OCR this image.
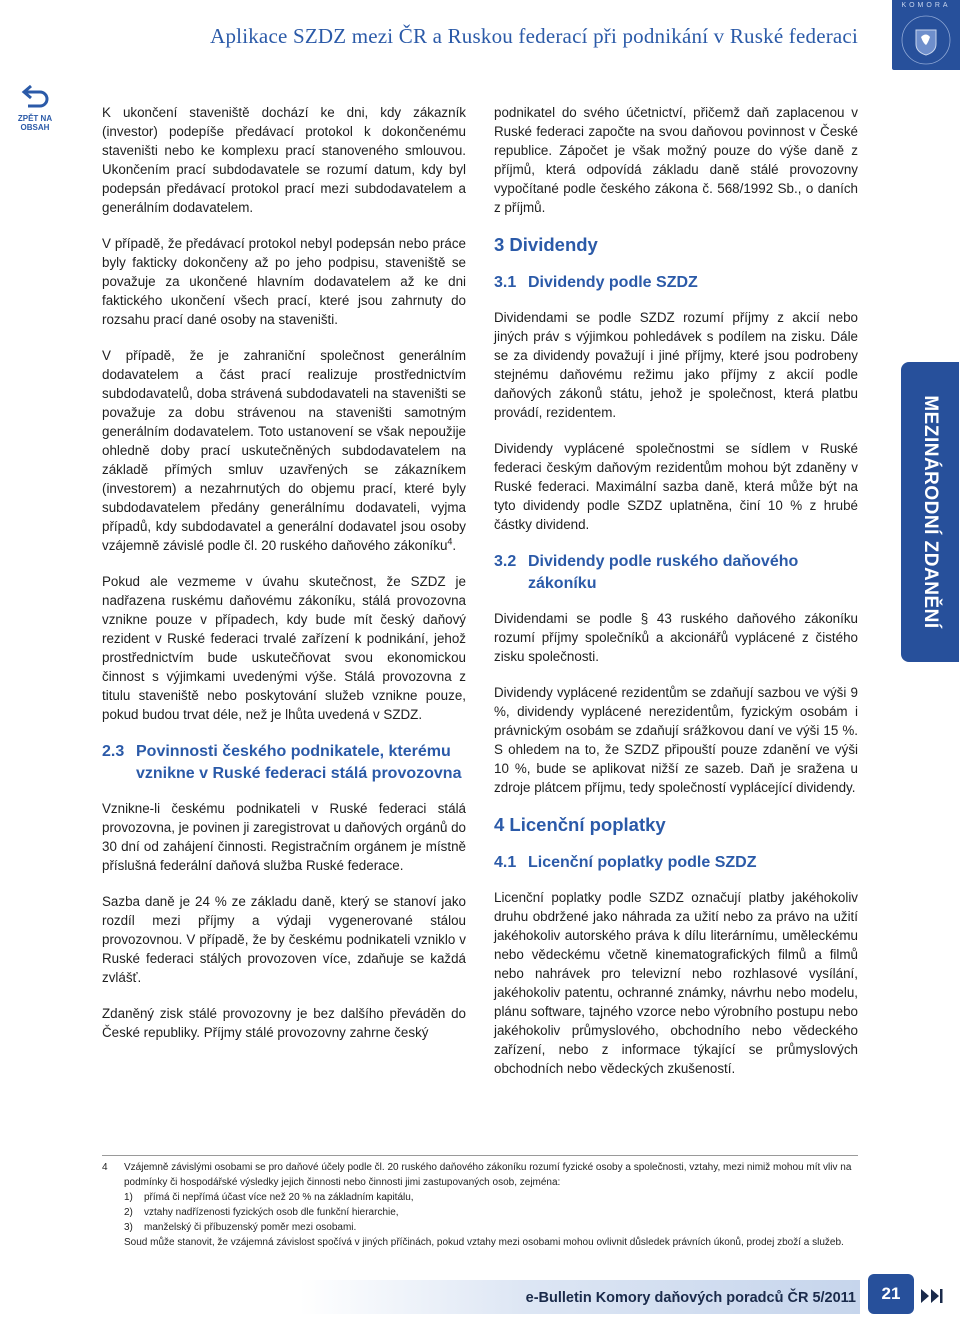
Aplikace SZDZ mezi ČR a Ruskou federací při podnikání v Ruské federaci
KOMORA
ZPĚT NA
OBSAH

K ukončení staveniště dochází ke dni, kdy zákazník (investor) podepíše předávací protokol k dokončenému staveništi nebo ke komplexu prací stanoveného smlouvou. Ukončením prací subdodavatele se rozumí datum, kdy byl podepsán předávací protokol prací mezi subdodavatelem a generálním dodavatelem.

V případě, že předávací protokol nebyl podepsán nebo práce byly fakticky dokončeny až po jeho podpisu, staveniště se považuje za ukončené hlavním dodavatelem až ke dni faktického ukončení všech prací, které jsou zahrnuty do rozsahu prací dané osoby na staveništi.

V případě, že je zahraniční společnost generálním dodavatelem a část prací realizuje prostřednictvím subdodavatelů, doba strávená subdodavateli na staveništi se považuje za dobu strávenou na staveništi samotným generálním dodavatelem. Toto ustanovení se však nepoužije ohledně doby prací uskutečněných subdodavatelem na základě přímých smluv uzavřených se zákazníkem (investorem) a nezahrnutých do objemu prací, které byly subdodavatelem předány generálnímu dodavateli, vyjma případů, kdy subdodavatel a generální dodavatel jsou osoby vzájemně závislé podle čl. 20 ruského daňového zákoníku$^4$.

Pokud ale vezmeme v úvahu skutečnost, že SZDZ je nadřazena ruskému daňovému zákoníku, stálá provozovna vznikne pouze v případech, kdy bude mít český daňový rezident v Ruské federaci trvalé zařízení k podnikání, jehož prostřednictvím bude uskutečňovat svou ekonomickou činnost s výjimkami uvedenými výše. Stálá provozovna z titulu staveniště nebo poskytování služeb vznikne pouze, pokud budou trvat déle, než je lhůta uvedená v SZDZ.

2.3 Povinnosti českého podnikatele, kterému vznikne v Ruské federaci stálá provozovna

Vznikne-li českému podnikateli v Ruské federaci stálá provozovna, je povinen ji zaregistrovat u daňových orgánů do 30 dní od zahájení činnosti. Registračním orgánem je místně příslušná federální daňová služba Ruské federace.

Sazba daně je 24 % ze základu daně, který se stanoví jako rozdíl mezi příjmy a výdaji vygenerované stálou provozovnou. V případě, že by českému podnikateli vzniklo v Ruské federaci stálých provozoven více, zdaňuje se každá zvlášť.

Zdaněný zisk stálé provozovny je bez dalšího převáděn do České republiky. Příjmy stálé provozovny zahrne český

podnikatel do svého účetnictví, přičemž daň zaplacenou v Ruské federaci započte na svou daňovou povinnost v České republice. Zápočet je však možný pouze do výše daně z příjmů, která odpovídá základu daně stálé provozovny vypočítané podle českého zákona č. 568/1992 Sb., o daních z příjmů.

3 Dividendy
3.1 Dividendy podle SZDZ

Dividendami se podle SZDZ rozumí příjmy z akcií nebo jiných práv s výjimkou pohledávek s podílem na zisku. Dále se za dividendy považují i jiné příjmy, které jsou podrobeny stejnému daňovému režimu jako příjmy z akcií podle daňových zákonů státu, jehož je společnost, která platbu provádí, rezidentem.

Dividendy vyplácené společnostmi se sídlem v Ruské federaci českým daňovým rezidentům mohou být zdaněny v Ruské federaci. Maximální sazba daně, která může být na tyto dividendy podle SZDZ uplatněna, činí 10 % z hrubé částky dividend.

3.2 Dividendy podle ruského daňového zákoníku

Dividendami se podle § 43 ruského daňového zákoníku rozumí příjmy společníků a akcionářů vyplácené z čistého zisku společnosti.

Dividendy vyplácené rezidentům se zdaňují sazbou ve výši 9 %, dividendy vyplácené nerezidentům, fyzickým osobám i právnickým osobám se zdaňují srážkovou daní ve výši 15 %. S ohledem na to, že SZDZ připouští pouze zdanění ve výši 10 %, bude se aplikovat nižší ze sazeb. Daň je sražena u zdroje plátcem příjmu, tedy společností vyplácející dividendy.

4 Licenční poplatky
4.1 Licenční poplatky podle SZDZ

Licenční poplatky podle SZDZ označují platby jakéhokoliv druhu obdržené jako náhrada za užití nebo za právo na užití jakéhokoliv autorského práva k dílu literárnímu, uměleckému nebo vědeckému včetně kinematografických filmů a filmů nebo nahrávek pro televizní nebo rozhlasové vysílání, jakéhokoliv patentu, ochranné známky, návrhu nebo modelu, plánu software, tajného vzorce nebo výrobního postupu nebo jakéhokoliv průmyslového, obchodního nebo vědeckého zařízení, nebo z informace týkající se průmyslových obchodních nebo vědeckých zkušeností.

MEZINÁRODNÍ ZDANĚNÍ
4	Vzájemně závislými osobami se pro daňové účely podle čl. 20 ruského daňového zákoníku rozumí fyzické osoby a společnosti, vztahy, mezi nimiž mohou mít vliv na podmínky či hospodářské výsledky jejich činnosti nebo činnosti jimi zastupovaných osob, zejména:
1)	přímá či nepřímá účast více než 20 % na základním kapitálu,
2)	vztahy nadřízenosti fyzických osob dle funkční hierarchie,
3)	manželský či příbuzenský poměr mezi osobami.
Soud může stanovit, že vzájemná závislost spočívá v jiných příčinách, pokud vztahy mezi osobami mohou ovlivnit důsledek právních úkonů, prodej zboží a služeb.
e-Bulletin Komory daňových poradců ČR 5/2011	21
